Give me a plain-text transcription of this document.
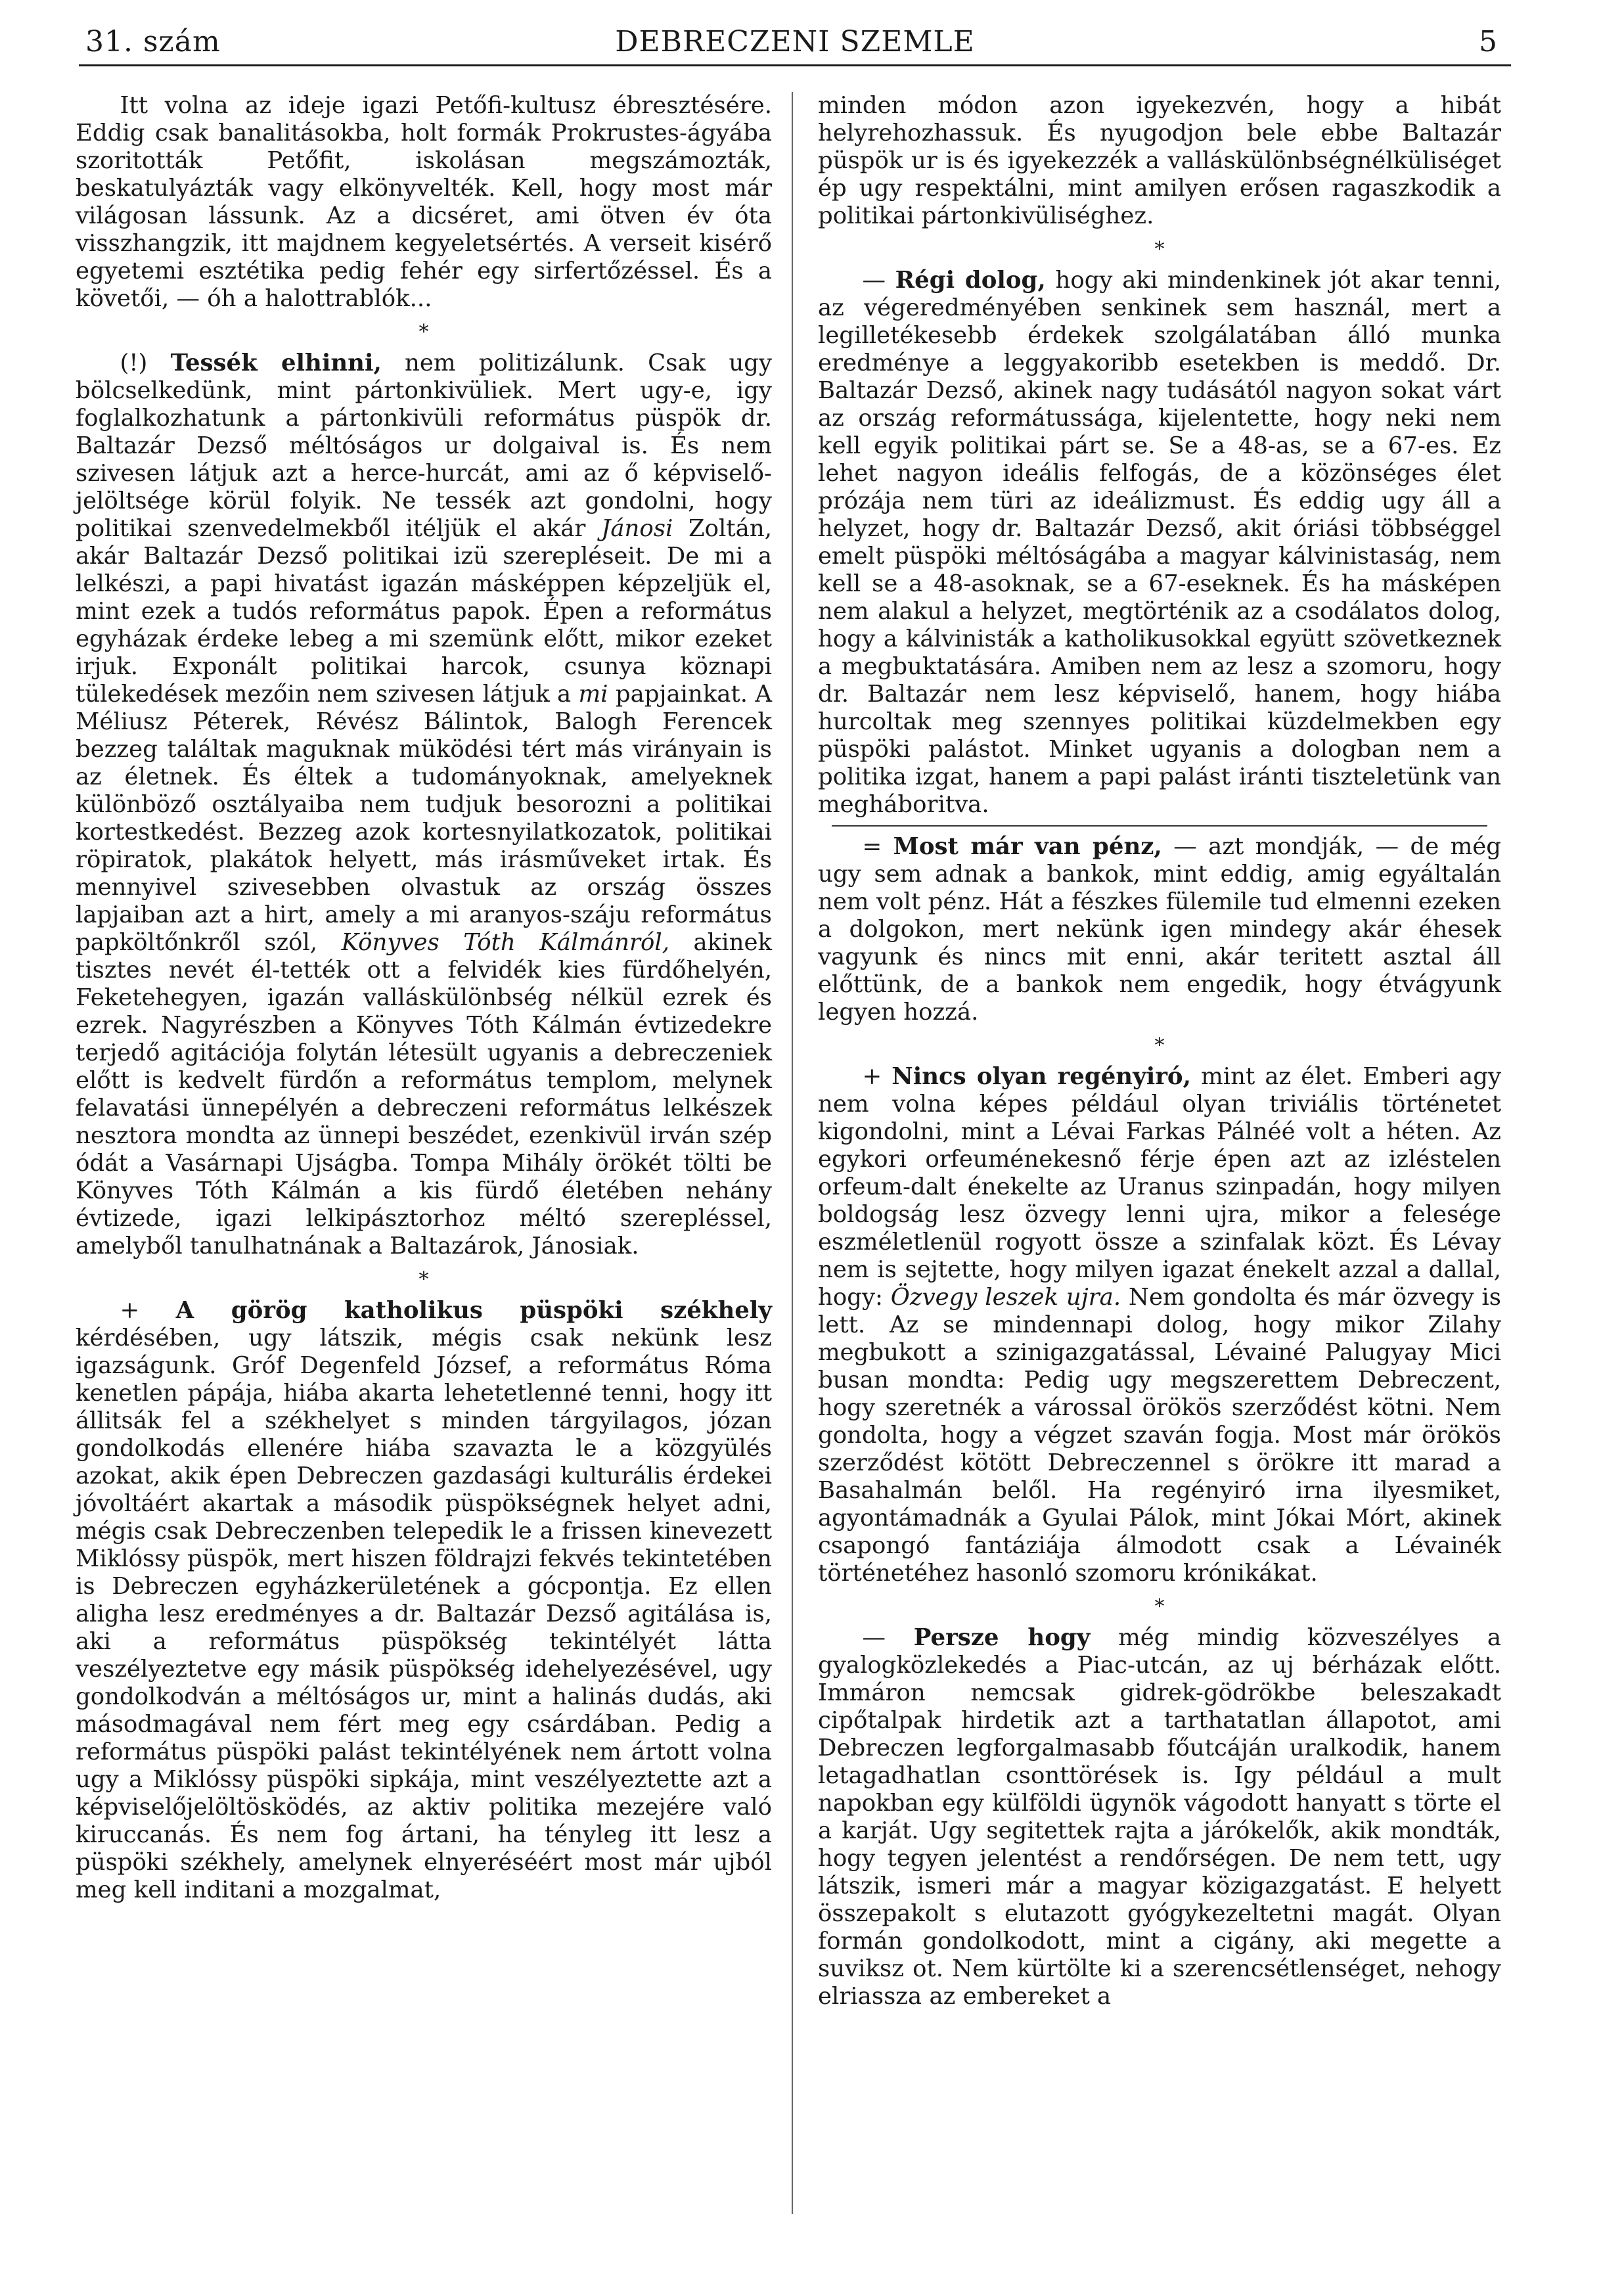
31. szám	DEBRECZENI SZEMLE	5

Itt volna az ideje igazi Petőfi-kultusz ébresztésére. Eddig csak banalitásokba, holt formák Prokrustes-ágyába szoritották Petőfit, iskolásan megszámozták, beskatulyázták vagy elkönyvelték. Kell, hogy most már világosan lássunk. Az a dicséret, ami ötven év óta visszhangzik, itt majdnem kegyeletsértés. A verseit kisérő egyetemi esztétika pedig fehér egy sirfertőzéssel. És a követői, — óh a halottrablók...

*

(!) Tessék elhinni, nem politizálunk. Csak ugy bölcselkedünk, mint pártonkivüliek. Mert ugy-e, igy foglalkozhatunk a pártonkivüli református püspök dr. Baltazár Dezső méltóságos ur dolgaival is. És nem szivesen látjuk azt a herce-hurcát, ami az ő képviselő-jelöltsége körül folyik. Ne tessék azt gondolni, hogy politikai szenvedelmekből itéljük el akár Jánosi Zoltán, akár Baltazár Dezső politikai izü szerepléseit. De mi a lelkészi, a papi hivatást igazán másképpen képzeljük el, mint ezek a tudós református papok. Épen a református egyházak érdeke lebeg a mi szemünk előtt, mikor ezeket irjuk. Exponált politikai harcok, csunya köznapi tülekedések mezőin nem szivesen látjuk a mi papjainkat. A Méliusz Péterek, Révész Bálintok, Balogh Ferencek bezzeg találtak maguknak müködési tért más virányain is az életnek. És éltek a tudományoknak, amelyeknek különböző osztályaiba nem tudjuk besorozni a politikai kortestkedést. Bezzeg azok kortesnyilatkozatok, politikai röpiratok, plakátok helyett, más irásműveket irtak. És mennyivel szivesebben olvastuk az ország összes lapjaiban azt a hirt, amely a mi aranyos-száju református papköltőnkről szól, Könyves Tóth Kálmánról, akinek tisztes nevét él-tették ott a felvidék kies fürdőhelyén, Feketehegyen, igazán valláskülönbség nélkül ezrek és ezrek. Nagyrészben a Könyves Tóth Kálmán évtizedekre terjedő agitációja folytán létesült ugyanis a debreczeniek előtt is kedvelt fürdőn a református templom, melynek felavatási ünnepélyén a debreczeni református lelkészek nesztora mondta az ünnepi beszédet, ezenkivül irván szép ódát a Vasárnapi Ujságba. Tompa Mihály örökét tölti be Könyves Tóth Kálmán a kis fürdő életében nehány évtizede, igazi lelkipásztorhoz méltó szerepléssel, amelyből tanulhatnának a Baltazárok, Jánosiak.

*

+ A görög katholikus püspöki székhely kérdésében, ugy látszik, mégis csak nekünk lesz igazságunk. Gróf Degenfeld József, a református Róma kenetlen pápája, hiába akarta lehetetlenné tenni, hogy itt állitsák fel a székhelyet s minden tárgyilagos, józan gondolkodás ellenére hiába szavazta le a közgyülés azokat, akik épen Debreczen gazdasági kulturális érdekei jóvoltáért akartak a második püspökségnek helyet adni, mégis csak Debreczenben telepedik le a frissen kinevezett Miklóssy püspök, mert hiszen földrajzi fekvés tekintetében is Debreczen egyházkerületének a gócpontja. Ez ellen aligha lesz eredményes a dr. Baltazár Dezső agitálása is, aki a református püspökség tekintélyét látta veszélyeztetve egy másik püspökség idehelyezésével, ugy gondolkodván a méltóságos ur, mint a halinás dudás, aki másodmagával nem fért meg egy csárdában. Pedig a református püspöki palást tekintélyének nem ártott volna ugy a Miklóssy püspöki sipkája, mint veszélyeztette azt a képviselőjelöltösködés, az aktiv politika mezejére való kiruccanás. És nem fog ártani, ha tényleg itt lesz a püspöki székhely, amelynek elnyeréséért most már ujból meg kell inditani a mozgalmat,

minden módon azon igyekezvén, hogy a hibát helyrehozhassuk. És nyugodjon bele ebbe Baltazár püspök ur is és igyekezzék a valláskülönbségnélküliséget ép ugy respektálni, mint amilyen erősen ragaszkodik a politikai pártonkivüliséghez.

*

— Régi dolog, hogy aki mindenkinek jót akar tenni, az végeredményében senkinek sem használ, mert a legilletékesebb érdekek szolgálatában álló munka eredménye a leggyakoribb esetekben is meddő. Dr. Baltazár Dezső, akinek nagy tudásától nagyon sokat várt az ország reformátussága, kijelentette, hogy neki nem kell egyik politikai párt se. Se a 48-as, se a 67-es. Ez lehet nagyon ideális felfogás, de a közönséges élet prózája nem türi az ideálizmust. És eddig ugy áll a helyzet, hogy dr. Baltazár Dezső, akit óriási többséggel emelt püspöki méltóságába a magyar kálvinistaság, nem kell se a 48-asoknak, se a 67-eseknek. És ha másképen nem alakul a helyzet, megtörténik az a csodálatos dolog, hogy a kálvinisták a katholikusokkal együtt szövetkeznek a megbuktatására. Amiben nem az lesz a szomoru, hogy dr. Baltazár nem lesz képviselő, hanem, hogy hiába hurcoltak meg szennyes politikai küzdelmekben egy püspöki palástot. Minket ugyanis a dologban nem a politika izgat, hanem a papi palást iránti tiszteletünk van megháboritva.

= Most már van pénz, — azt mondják, — de még ugy sem adnak a bankok, mint eddig, amig egyáltalán nem volt pénz. Hát a fészkes fülemile tud elmenni ezeken a dolgokon, mert nekünk igen mindegy akár éhesek vagyunk és nincs mit enni, akár teritett asztal áll előttünk, de a bankok nem engedik, hogy étvágyunk legyen hozzá.

*

+ Nincs olyan regényiró, mint az élet. Emberi agy nem volna képes például olyan triviális történetet kigondolni, mint a Lévai Farkas Pálnéé volt a héten. Az egykori orfeuménekesnő férje épen azt az izléstelen orfeum-dalt énekelte az Uranus szinpadán, hogy milyen boldogság lesz özvegy lenni ujra, mikor a felesége eszméletlenül rogyott össze a szinfalak közt. És Lévay nem is sejtette, hogy milyen igazat énekelt azzal a dallal, hogy: Özvegy leszek ujra. Nem gondolta és már özvegy is lett. Az se mindennapi dolog, hogy mikor Zilahy megbukott a szinigazgatással, Lévainé Palugyay Mici busan mondta: Pedig ugy megszerettem Debreczent, hogy szeretnék a várossal örökös szerződést kötni. Nem gondolta, hogy a végzet szaván fogja. Most már örökös szerződést kötött Debreczennel s örökre itt marad a Basahalmán belől. Ha regényiró irna ilyesmiket, agyontámadnák a Gyulai Pálok, mint Jókai Mórt, akinek csapongó fantáziája álmodott csak a Lévainék történetéhez hasonló szomoru krónikákat.

*

— Persze hogy még mindig közveszélyes a gyalogközlekedés a Piac-utcán, az uj bérházak előtt. Immáron nemcsak gidrek-gödrökbe beleszakadt cipőtalpak hirdetik azt a tarthatatlan állapotot, ami Debreczen legforgalmasabb főutcáján uralkodik, hanem letagadhatlan csonttörések is. Igy például a mult napokban egy külföldi ügynök vágodott hanyatt s törte el a karját. Ugy segitettek rajta a járókelők, akik mondták, hogy tegyen jelentést a rendőrségen. De nem tett, ugy látszik, ismeri már a magyar közigazgatást. E helyett összepakolt s elutazott gyógykezeltetni magát. Olyan formán gondolkodott, mint a cigány, aki megette a suviksz ot. Nem kürtölte ki a szerencsétlenséget, nehogy elriassza az embereket a
